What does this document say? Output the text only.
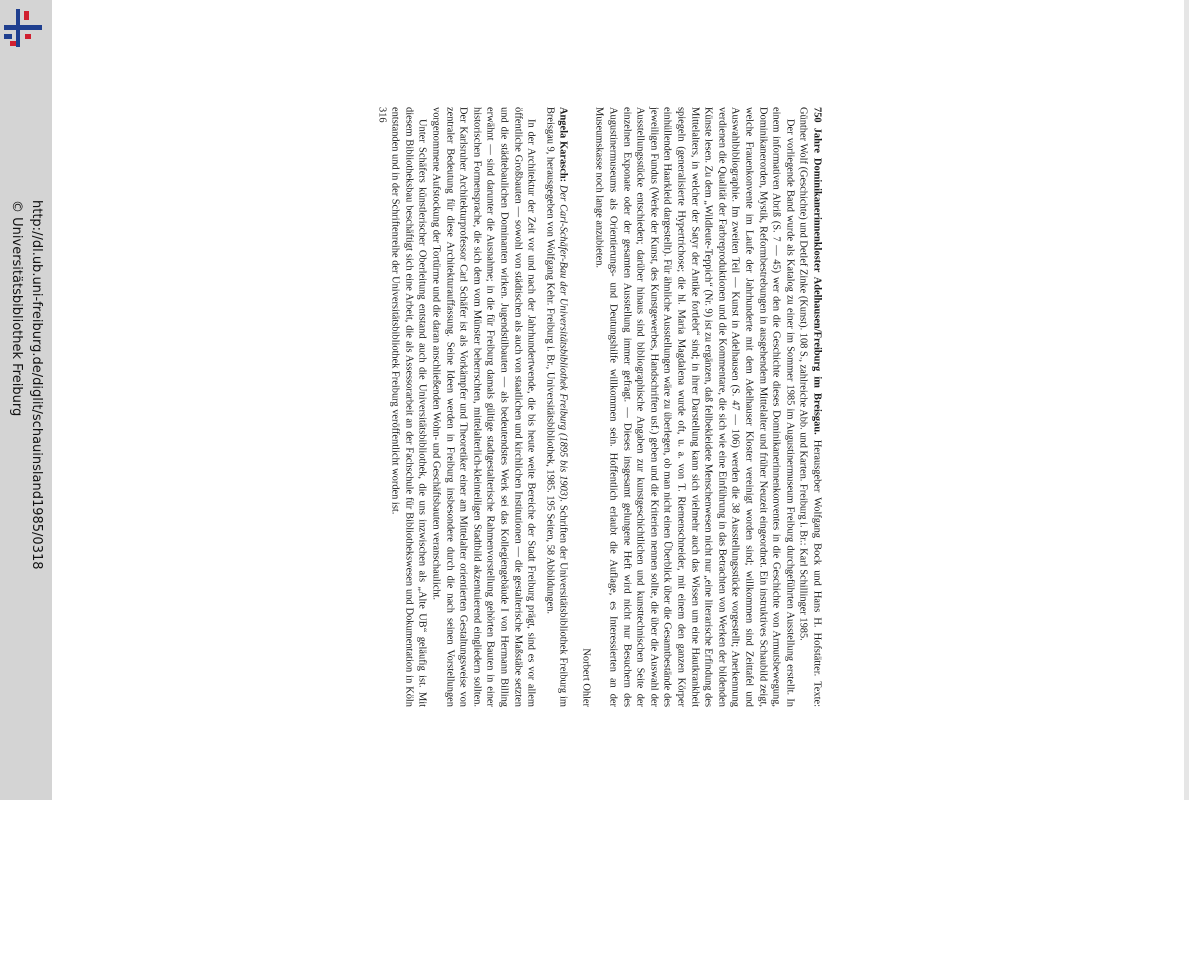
http://dl.ub.uni-freiburg.de/diglit/schauinsland1985/0318
© Universitätsbibliothek Freiburg	750 Jahre Dominikanerinnenkloster Adelhausen/Freiburg im Breisgau. Herausgeber Wolfgang Bock und Hans H. Hofstätter. Texte: Günther Wolf (Geschichte) und Detlef Zinke (Kunst). 108 S., zahlreiche Abb. und Karten. Freiburg i. Br.: Karl Schillinger 1985.

Der vorliegende Band wurde als Katalog zu einer im Sommer 1985 im Augustinermuseum Freiburg durchgeführten Ausstellung erstellt. In einem informativen Abriß (S. 7 — 45) wer den die Geschichte dieses Dominikanerinnenkonventes in die Geschichte von Armutsbewegung, Dominikanerorden, Mystik, Reformbestrebungen in ausgehendem Mittelalter und früher Neuzeit eingeordnet. Ein instruktives Schaubild zeigt, welche Frauenkonvente im Laufe der Jahrhunderte mit dem Adelhauser Kloster vereinigt worden sind; willkommen sind Zeittafel und Auswahlbibliographie. Im zweiten Teil — Kunst in Adelhausen (S. 47 — 106) werden die 38 Ausstellungsstücke vorgestellt; Anerkennung verdienen die Qualität der Farbreproduktionen und die Kommentare, die sich wie eine Einführung in das Betrachten von Werken der bildenden Künste lesen. Zu dem „Wildleute-Teppich“ (Nr. 9) ist zu ergänzen, daß fellbekleidete Menschenwesen nicht nur „eine literarische Erfindung des Mittelalters, in welcher der Satyr der Antike fortlebt“ sind; in ihrer Darstellung kann sich vielmehr auch das Wissen um eine Hautkrankheit spiegeln (generalisierte Hypertrichose; die hl. Maria Magdalena wurde oft, u. a. von T. Riemenschneider, mit einem den ganzen Körper einhüllenden Haarkleid dargestellt). Für ähnliche Ausstellungen wäre zu überlegen, ob man nicht einen Überblick über die Gesamtbestände des jeweiligen Fundus (Werke der Kunst, des Kunstgewerbes, Handschriften usf.) geben und die Kriterien nennen sollte, die über die Auswahl der Ausstellungsstücke entschieden; darüber hinaus sind bibliographische Angaben zur kunstgeschichtlichen und kunsttechnischen Seite der einzelnen Exponate oder der gesamten Ausstellung immer gefragt. — Dieses insgesamt gelungene Heft wird nicht nur Besuchern des Augustinermuseums als Orientierungs- und Deutungshilfe willkommen sein. Hoffentlich erlaubt die Auflage, es Interessierten an der Museumskasse noch lange anzubieten.

Norbert Ohler

Angela Karasch: Der Carl-Schäfer-Bau der Universitätsbibliothek Freiburg (1895 bis 1903). Schriften der Universitätsbibliothek Freiburg im Breisgau 9, herausgegeben von Wolfgang Kehr. Freiburg i. Br., Universitätsbibliothek, 1985. 195 Seiten, 58 Abbildungen.

In der Architektur der Zeit vor und nach der Jahrhundertwende, die bis heute weite Bereiche der Stadt Freiburg prägt, sind es vor allem öffentliche Großbauten — sowohl von städtischen als auch von staatlichen und kirchlichen Institutionen — die gestalterische Maßstäbe setzten und die städtebaulichen Dominanten wirken. Jugendstilbauten — als bedeutendstes Werk sei das Kollegiengebäude I von Hermann Billing erwähnt — sind darunter die Ausnahme; in die für Freiburg damals gültige stadtgestalterische Rahmenvorstellung gehörten Bauten in einer historischen Formensprache, die sich dem vom Münster beherrschten, mittelalterlich-kleinteiligen Stadtbild akzentuierend eingliedern sollten. Der Karlsruher Architekturprofessor Carl Schäfer ist als Vorkämpfer und Theoretiker einer am Mittelalter orientierten Gestaltungsweise von zentraler Bedeutung für diese Architekturauffassung. Seine Ideen werden in Freiburg insbesondere durch die nach seinen Vorstellungen vorgenommene Aufstockung der Tortürme und die daran anschließenden Wohn- und Geschäftsbauten veranschaulicht.

Unter Schäfers künstlerischer Oberleitung entstand auch die Universitätsbibliothek, die uns inzwischen als „Alte UB“ geläufig ist. Mit diesem Bibliotheksbau beschäftigt sich eine Arbeit, die als Assessorarbeit an der Fachschule für Bibliothekswesen und Dokumentation in Köln entstanden und in der Schriftenreihe der Universitätsbibliothek Freiburg veröffentlicht worden ist.

316
